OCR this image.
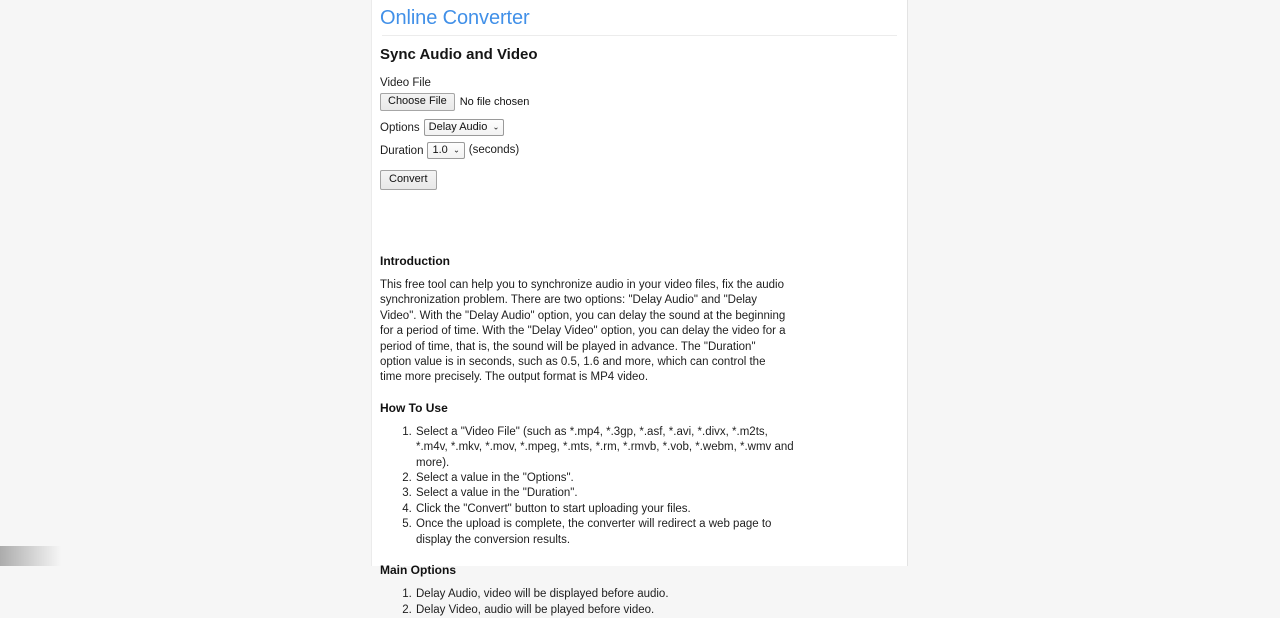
Online Converter
Sync Audio and Video
Video File
Choose File	No file chosen
Options Delay Audio ⌄
Duration 1.0 ⌄ (seconds)
Convert
Introduction

This free tool can help you to synchronize audio in your video files, fix the audio synchronization problem. There are two options: "Delay Audio" and "Delay Video". With the "Delay Audio" option, you can delay the sound at the beginning for a period of time. With the "Delay Video" option, you can delay the video for a period of time, that is, the sound will be played in advance. The "Duration" option value is in seconds, such as 0.5, 1.6 and more, which can control the time more precisely. The output format is MP4 video.

How To Use
1. Select a "Video File" (such as *.mp4, *.3gp, *.asf, *.avi, *.divx, *.m2ts, *.m4v, *.mkv, *.mov, *.mpeg, *.mts, *.rm, *.rmvb, *.vob, *.webm, *.wmv and more).
2. Select a value in the "Options".
3. Select a value in the "Duration".
4. Click the "Convert" button to start uploading your files.
5. Once the upload is complete, the converter will redirect a web page to display the conversion results.
Main Options
1. Delay Audio, video will be displayed before audio.
2. Delay Video, audio will be played before video.
